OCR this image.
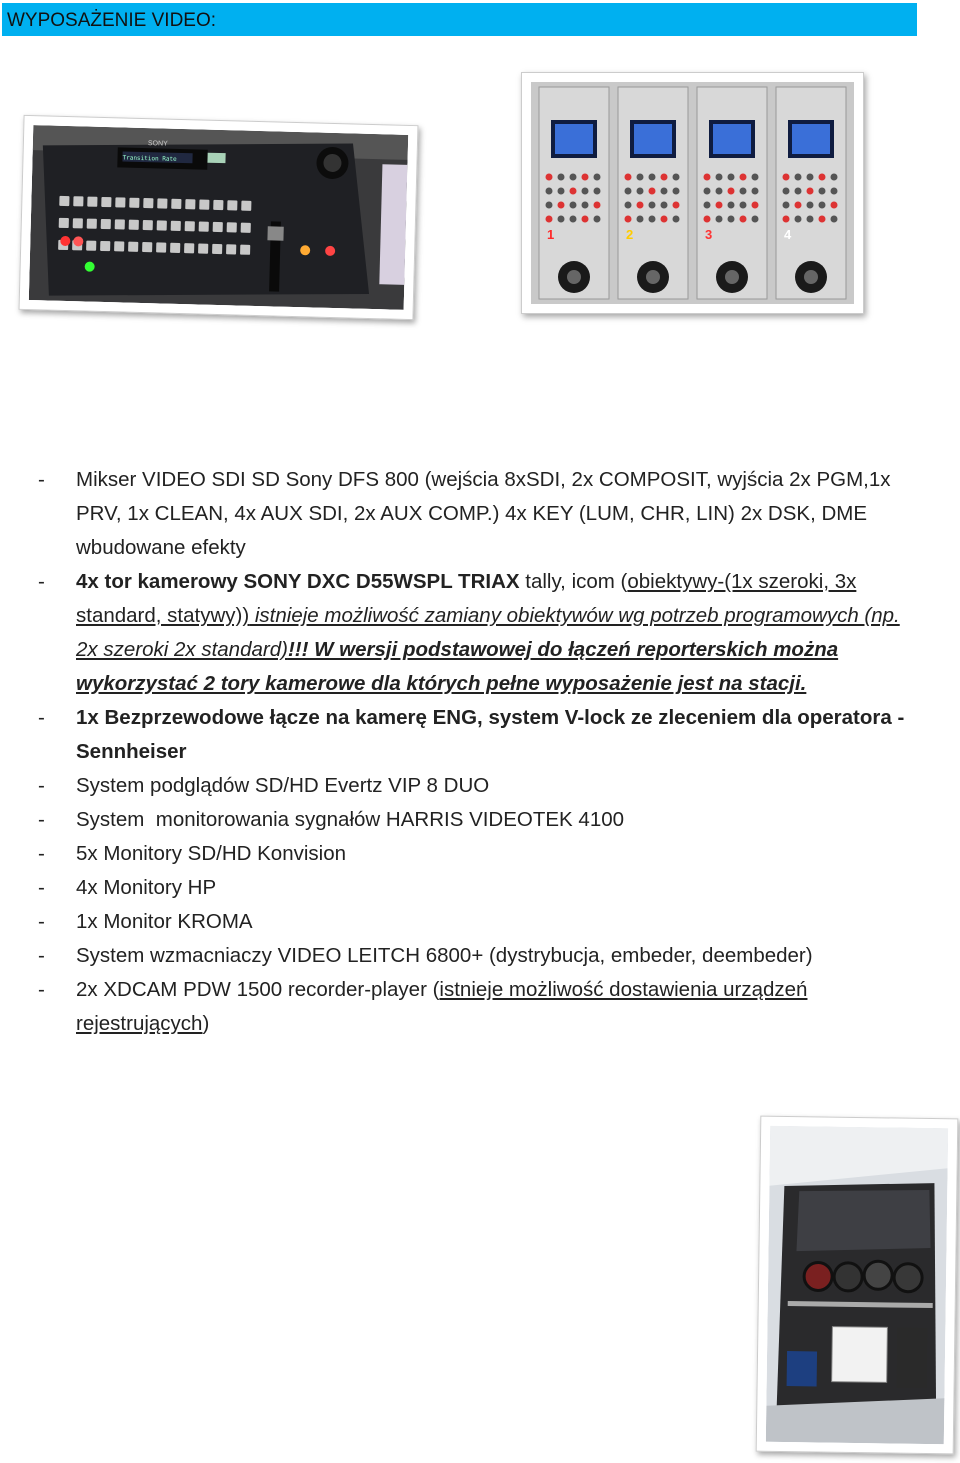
WYPOSAŻENIE VIDEO:
Transition Rate
SONY
1	2	3	4
- Mikser VIDEO SDI SD Sony DFS 800 (wejścia 8xSDI, 2x COMPOSIT, wyjścia 2x PGM,1x PRV, 1x CLEAN, 4x AUX SDI, 2x AUX COMP.) 4x KEY (LUM, CHR, LIN) 2x DSK, DME wbudowane efekty
- 4x tor kamerowy SONY DXC D55WSPL TRIAX tally, icom (obiektywy-(1x szeroki, 3x standard, statywy)) istnieje możliwość zamiany obiektywów wg potrzeb programowych (np. 2x szeroki 2x standard)!!! W wersji podstawowej do łączeń reporterskich można wykorzystać 2 tory kamerowe dla których pełne wyposażenie jest na stacji.
- 1x Bezprzewodowe łącze na kamerę ENG, system V-lock ze zleceniem dla operatora - Sennheiser
- System podglądów SD/HD Evertz VIP 8 DUO
- System  monitorowania sygnałów HARRIS VIDEOTEK 4100
- 5x Monitory SD/HD Konvision
- 4x Monitory HP
- 1x Monitor KROMA
- System wzmacniaczy VIDEO LEITCH 6800+ (dystrybucja, embeder, deembeder)
- 2x XDCAM PDW 1500 recorder-player (istnieje możliwość dostawienia urządzeń rejestrujących)
